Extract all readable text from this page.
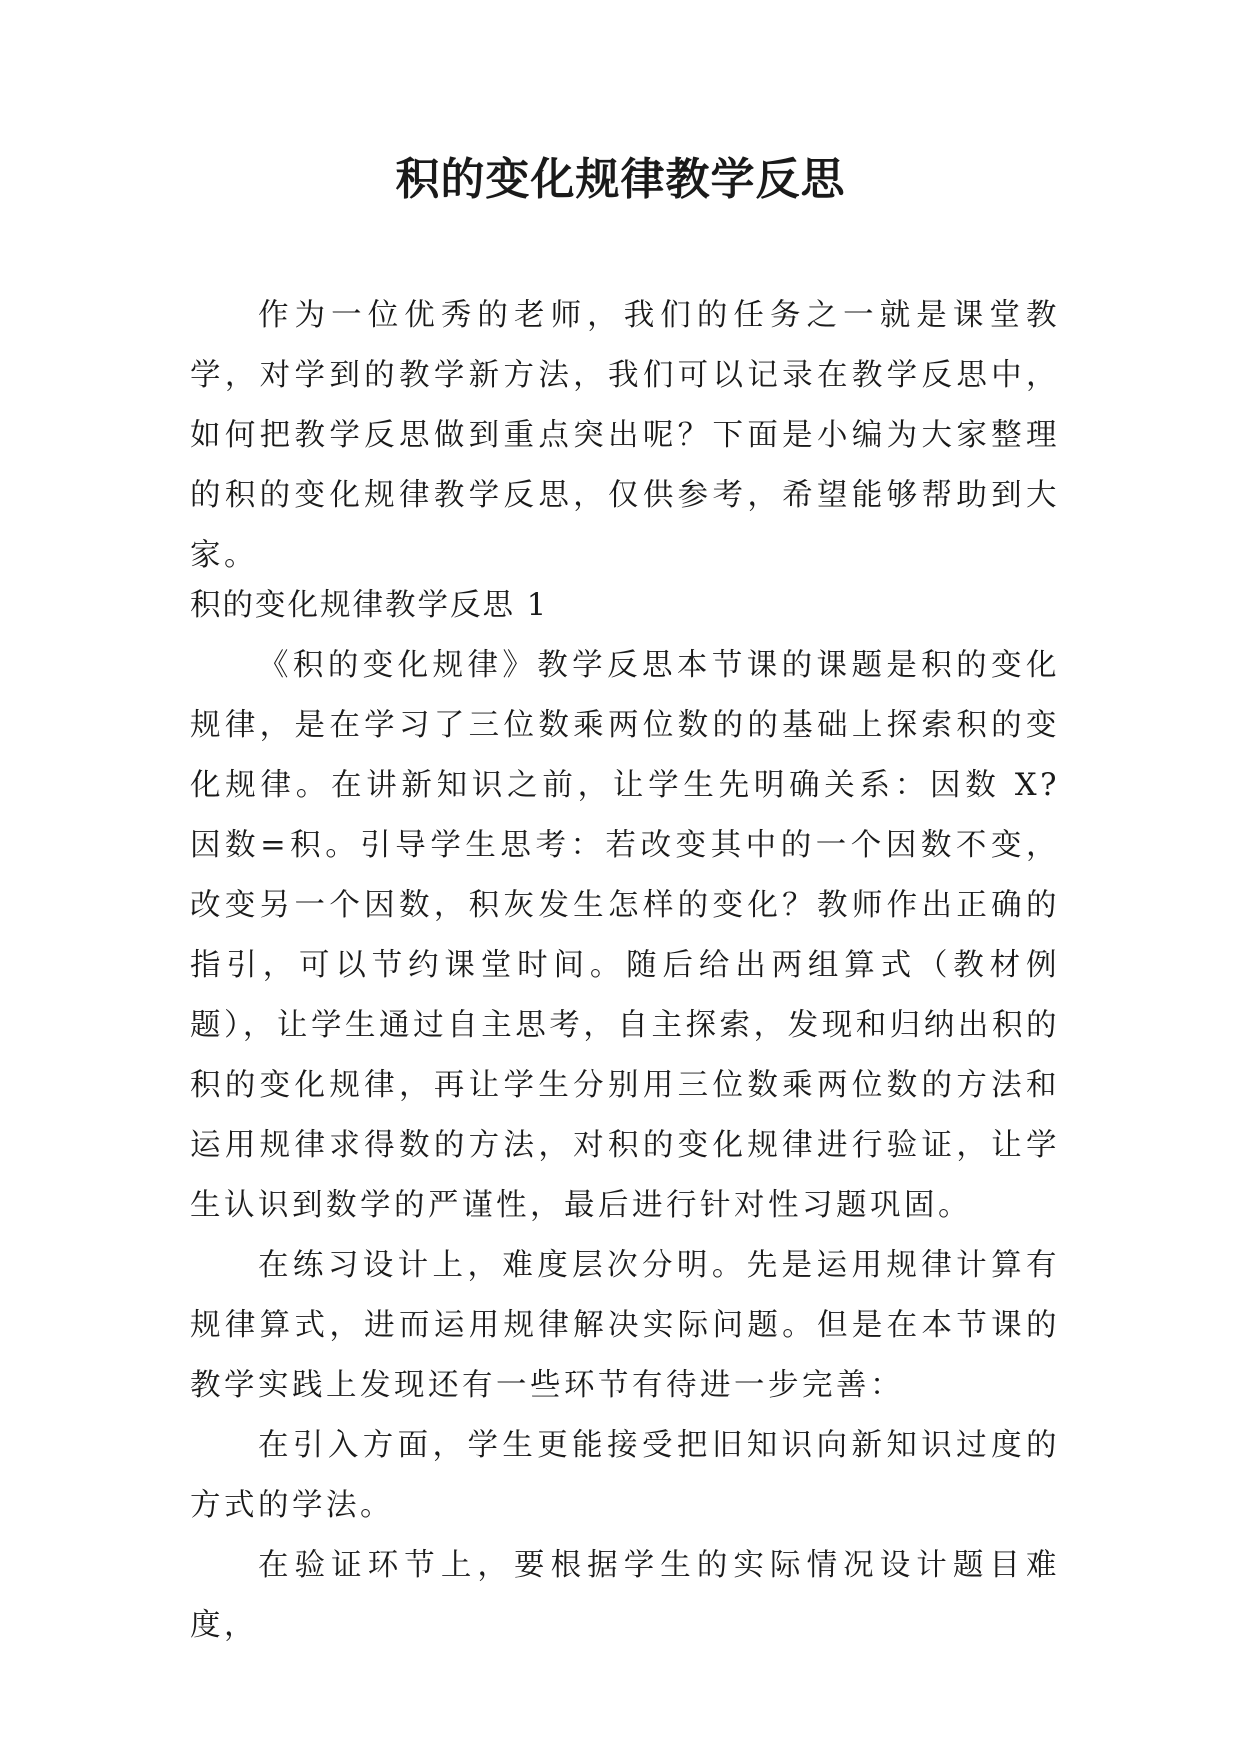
积的变化规律教学反思

作为一位优秀的老师，我们的任务之一就是课堂教学，对学到的教学新方法，我们可以记录在教学反思中，如何把教学反思做到重点突出呢？下面是小编为大家整理的积的变化规律教学反思，仅供参考，希望能够帮助到大家。

积的变化规律教学反思 1

《积的变化规律》教学反思本节课的课题是积的变化规律，是在学习了三位数乘两位数的的基础上探索积的变化规律。在讲新知识之前，让学生先明确关系：因数 X?因数=积。引导学生思考：若改变其中的一个因数不变，改变另一个因数，积灰发生怎样的变化？教师作出正确的指引，可以节约课堂时间。随后给出两组算式（教材例题），让学生通过自主思考，自主探索，发现和归纳出积的积的变化规律，再让学生分别用三位数乘两位数的方法和运用规律求得数的方法，对积的变化规律进行验证，让学生认识到数学的严谨性，最后进行针对性习题巩固。

在练习设计上，难度层次分明。先是运用规律计算有规律算式，进而运用规律解决实际问题。但是在本节课的教学实践上发现还有一些环节有待进一步完善：

在引入方面，学生更能接受把旧知识向新知识过度的方式的学法。

在验证环节上，要根据学生的实际情况设计题目难度，
